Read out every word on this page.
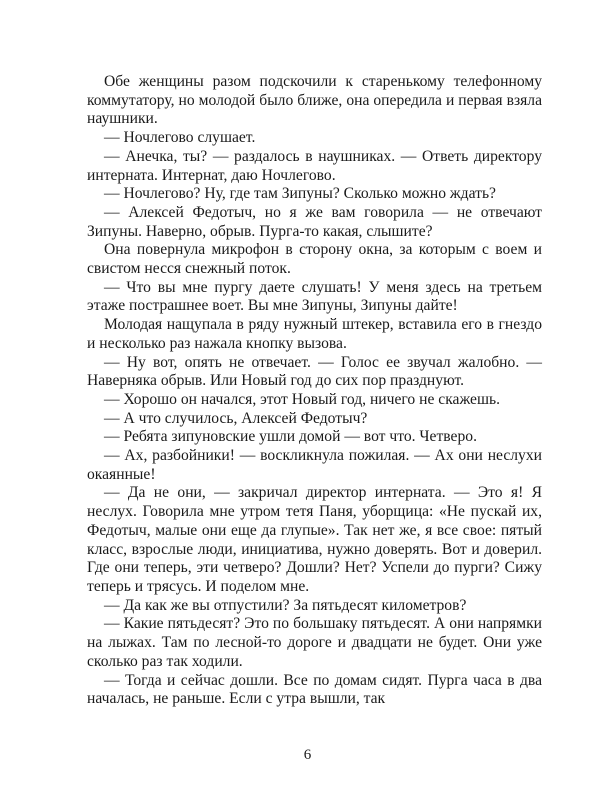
Обе женщины разом подскочили к старенькому телефонному коммутатору, но молодой было ближе, она опередила и первая взяла наушники.

— Ночлегово слушает.

— Анечка, ты? — раздалось в наушниках. — Ответь директору интерната. Интернат, даю Ночлегово.

— Ночлегово? Ну, где там Зипуны? Сколько можно ждать?

— Алексей Федотыч, но я же вам говорила — не отвечают Зипуны. Наверно, обрыв. Пурга-то какая, слышите?

Она повернула микрофон в сторону окна, за которым с воем и свистом несся снежный поток.

— Что вы мне пургу даете слушать! У меня здесь на третьем этаже пострашнее воет. Вы мне Зипуны, Зипуны дайте!

Молодая нащупала в ряду нужный штекер, вставила его в гнездо и несколько раз нажала кнопку вызова.

— Ну вот, опять не отвечает. — Голос ее звучал жалобно. — Наверняка обрыв. Или Новый год до сих пор празднуют.

— Хорошо он начался, этот Новый год, ничего не скажешь.

— А что случилось, Алексей Федотыч?

— Ребята зипуновские ушли домой — вот что. Четверо.

— Ах, разбойники! — воскликнула пожилая. — Ах они неслухи окаянные!

— Да не они, — закричал директор интерната. — Это я! Я неслух. Говорила мне утром тетя Паня, уборщица: «Не пускай их, Федотыч, малые они еще да глупые». Так нет же, я все свое: пятый класс, взрослые люди, инициатива, нужно доверять. Вот и доверил. Где они теперь, эти четверо? Дошли? Нет? Успели до пурги? Сижу теперь и трясусь. И поделом мне.

— Да как же вы отпустили? За пятьдесят километров?

— Какие пятьдесят? Это по большаку пятьдесят. А они напрямки на лыжах. Там по лесной-то дороге и двадцати не будет. Они уже сколько раз так ходили.

— Тогда и сейчас дошли. Все по домам сидят. Пурга часа в два началась, не раньше. Если с утра вышли, так

6
